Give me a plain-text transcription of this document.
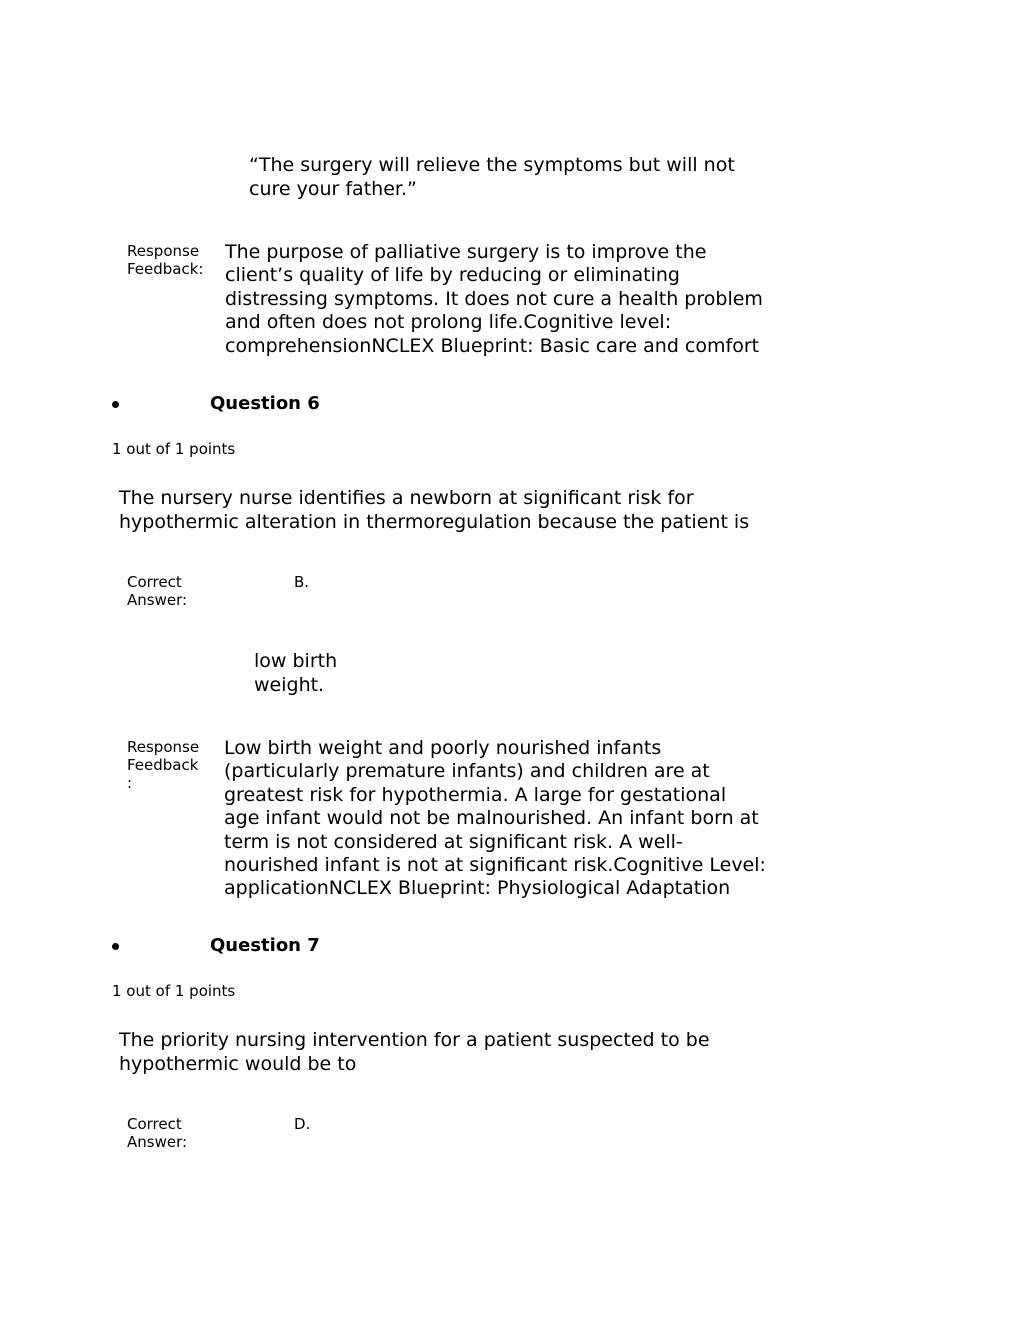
“The surgery will relieve the symptoms but will not
cure your father.”
Response
Feedback:
The purpose of palliative surgery is to improve the
client’s quality of life by reducing or eliminating
distressing symptoms. It does not cure a health problem
and often does not prolong life.Cognitive level:
comprehensionNCLEX Blueprint: Basic care and comfort
Question 6
1 out of 1 points
The nursery nurse identifies a newborn at significant risk for
hypothermic alteration in thermoregulation because the patient is
Correct
Answer:
B.
low birth
weight.
Response
Feedback
:
Low birth weight and poorly nourished infants
(particularly premature infants) and children are at
greatest risk for hypothermia. A large for gestational
age infant would not be malnourished. An infant born at
term is not considered at significant risk. A well-
nourished infant is not at significant risk.Cognitive Level:
applicationNCLEX Blueprint: Physiological Adaptation
Question 7
1 out of 1 points
The priority nursing intervention for a patient suspected to be
hypothermic would be to
Correct
Answer:
D.
